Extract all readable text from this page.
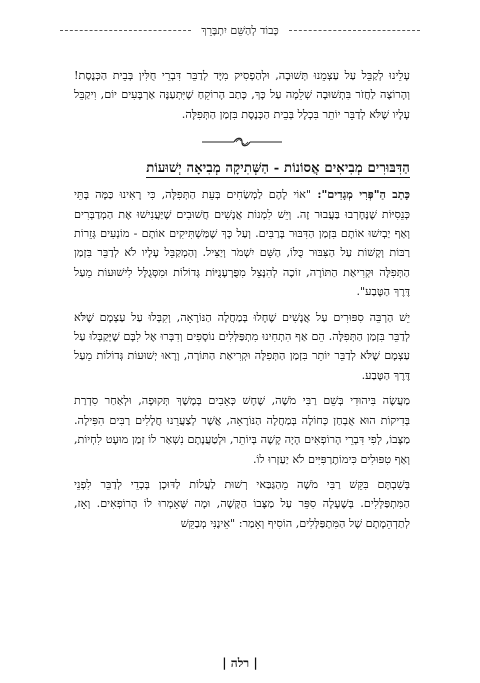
כָּבוֹד לְהַשֵּׁם יִתְבָּרֵךְ

עָלֵינוּ לְקַבֵּל עַל עַצְמֵנוּ תְּשׁוּבָה, וּלְהַפְסִיק מִיָּד לְדַבֵּר דִּבְרֵי חֻלִּין בְּבֵית הַכְּנֶסֶת! וְהָרוֹצֶה לַחֲזֹר בִּתְשׁוּבָה שְׁלֵמָה עַל כָּךְ, כָּתַב הָרוֹקֵחַ שֶׁיִּתְעַנֶּה אַרְבָּעִים יוֹם, וִיקַבֵּל עָלָיו שֶׁלֹּא לְדַבֵּר יוֹתֵר בִּכְלָל בְּבֵית הַכְּנֶסֶת בִּזְמַן הַתְּפִלָּה.

הַדִּבּוּרִים מְבִיאִים אֲסוֹנוֹת - הַשְּׁתִיקָה מְבִיאָה יְשׁוּעוֹת

כָּתַב הַ"פְּרִי מְגָדִים": "אוֹי לָהֶם לַמְשַׂחִים בְּעֵת הַתְּפִלָּה, כִּי רָאִינוּ כַּמָּה בָּתֵּי כְּנֵסִיּוֹת שֶׁנֶּחֶרְבוּ בַּעֲבוּר זֶה. וְיֵשׁ לִמְנוֹת אֲנָשִׁים חֲשׁוּבִים שֶׁיַּעֲנִישׁוּ אֶת הַמְדַבְּרִים וְאַף יַבְיִשׁוּ אוֹתָם בִּזְמַן הַדִּבּוּר בָּרַבִּים. וְעַל כָּךְ שֶׁמַּשְׁתִּיקִים אוֹתָם - מוֹנְעִים גְּזֵרוֹת רַבּוֹת וְקָשׁוֹת עַל הַצִּבּוּר כֻּלּוֹ, הַשֵּׁם יִשְׁמֹר וְיַצִּיל. וְהַמְקַבֵּל עָלָיו לֹא לְדַבֵּר בִּזְמַן הַתְּפִלָּה וּקְרִיאַת הַתּוֹרָה, זוֹכֶה לְהִנָּצֵל מִפֻּרְעָנֻיּוֹת גְּדוֹלוֹת וּמִסְּגֻלָּל לִישׁוּעוֹת מֵעַל דֶּרֶךְ הַטֶּבַע".

יֵשׁ הַרְבֵּה סִפּוּרִים עַל אֲנָשִׁים שֶׁחָלוּ בְּמַחֲלָה הַנּוֹרָאָה, וְקִבְּלוּ עַל עַצְמָם שֶׁלֹּא לְדַבֵּר בִּזְמַן הַתְּפִלָּה. הֵם אַף הִתְחִינוּ מִתְפַּלְּלִים נוֹסָפִים וְדִבְּרוּ אֶל לִבָּם שֶׁיְּקַבְּלוּ עַל עַצְמָם שֶׁלֹּא לְדַבֵּר יוֹתֵר בִּזְמַן הַתְּפִלָּה וּקְרִיאַת הַתּוֹרָה, וְרָאוּ יְשׁוּעוֹת גְּדוֹלוֹת מֵעַל דֶּרֶךְ הַטֶּבַע.

מַעֲשֶׂה בִּיהוּדִי בְּשֵׁם רַבִּי מֹשֶׁה, שֶׁחָשׁ כְּאֵבִים בְּמֶשֶׁךְ תְּקוּפָה, וּלְאַחַר סִדְרַת בְּדִיקוֹת הוּא אֻבְחַן כְּחוֹלֶה בְּמַחֲלָה הַנּוֹרָאָה, אֲשֶׁר לְצַעֲרֵנוּ חֲלָלִים רַבִּים הִפִּילָה. מַצָּבוֹ, לְפִי דִּבְרֵי הָרוֹפְאִים הָיָה קָשֶׁה בְּיוֹתֵר, וּלְטַעֲנָתָם נִשְׁאַר לוֹ זְמַן מוּעָט לִחְיוֹת, וְאַף טִפּוּלִים כִּימוֹתֶרַפִּיִּים לֹא יַעַזְרוּ לוֹ.

בְּשִׁבְתָּם בִּקֵּשׁ רַבִּי מֹשֶׁה מֵהַגַּבַּאי רְשׁוּת לַעֲלוֹת לַדּוּכָן בְּכְדֵי לְדַבֵּר לִפְנֵי הַמִּתְפַּלְּלִים. בְּשֶׁעָלָה סִפֵּר עַל מַצָּבוֹ הַקָּשֶׁה, וּמָה שֶּׁאָמְרוּ לוֹ הָרוֹפְאִים. וְאָז, לְתַדְהֵמָתָם שֶׁל הַמִּתְפַּלְּלִים, הוֹסִיף וְאָמַר: "אֵינֶנִּי מְבַקֵּשׁ

| רלה |
